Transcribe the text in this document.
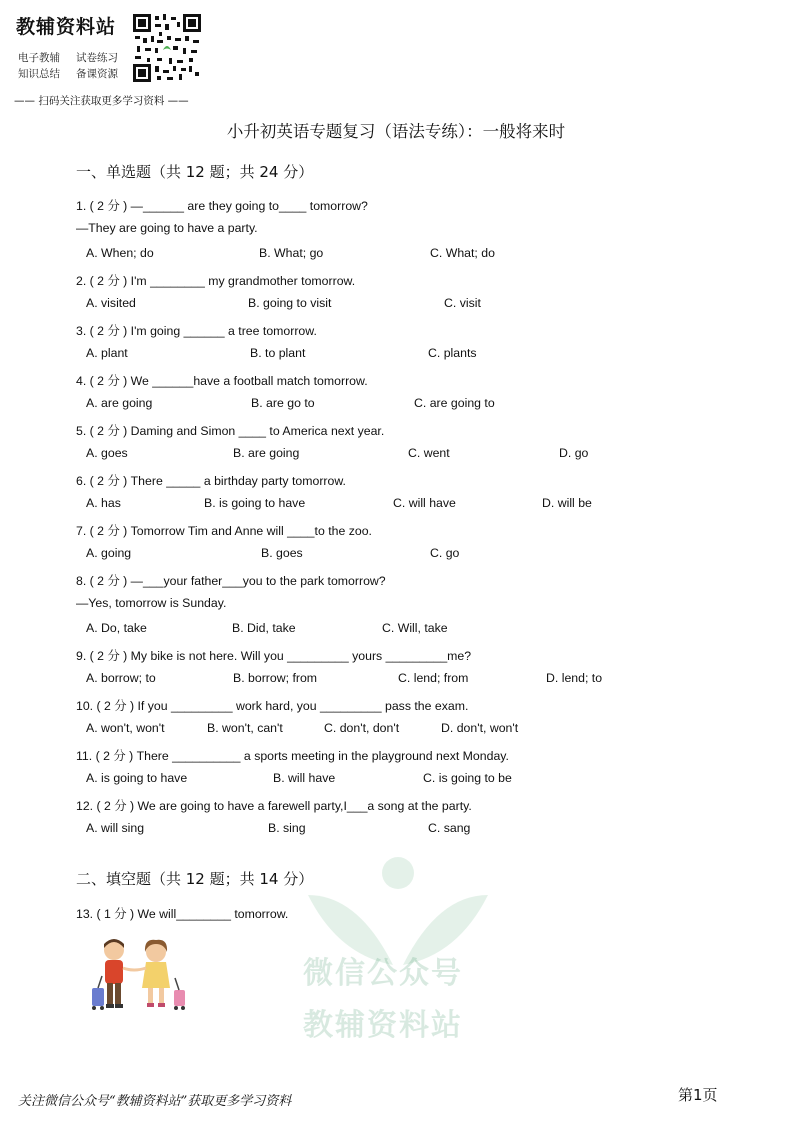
教辅资料站
电子教辅 试卷练习
知识总结 备课资源
—— 扫码关注获取更多学习资料 ——
微信公众号
教辅资料站
小升初英语专题复习（语法专练）：一般将来时
一、单选题（共 12 题；共 24 分）
1. ( 2 分 ) —______ are they going to____ tomorrow?
—They are going to have a party.
A. When; do	B. What; go	C. What; do
2. ( 2 分 ) I'm ________ my grandmother tomorrow.
A. visited	B. going to visit	C. visit
3. ( 2 分 ) I'm going ______ a tree tomorrow.
A. plant	B. to plant	C. plants
4. ( 2 分 ) We ______have a football match tomorrow.
A. are going	B. are go to	C. are going to
5. ( 2 分 ) Daming and Simon ____ to America next year.
A. goes	B. are going	C. went	D. go
6. ( 2 分 ) There _____ a birthday party tomorrow.
A. has	B. is going to have	C. will have	D. will be
7. ( 2 分 ) Tomorrow Tim and Anne will ____to the zoo.
A. going	B. goes	C. go
8. ( 2 分 ) —___your father___you to the park tomorrow?
—Yes, tomorrow is Sunday.
A. Do, take	B. Did, take	C. Will, take
9. ( 2 分 ) My bike is not here. Will you _________ yours _________me?
A. borrow; to	B. borrow; from	C. lend; from	D. lend; to
10. ( 2 分 ) If you _________ work hard, you _________ pass the exam.
A. won't, won't	B. won't, can't	C. don't, don't	D. don't, won't
11. ( 2 分 ) There __________ a sports meeting in the playground next Monday.
A. is going to have	B. will have	C. is going to be
12. ( 2 分 ) We are going to have a farewell party,I___a song at the party.
A. will sing	B. sing	C. sang
二、填空题（共 12 题；共 14 分）
13. ( 1 分 ) We will________ tomorrow.
关注微信公众号“教辅资料站”获取更多学习资料	第1页
